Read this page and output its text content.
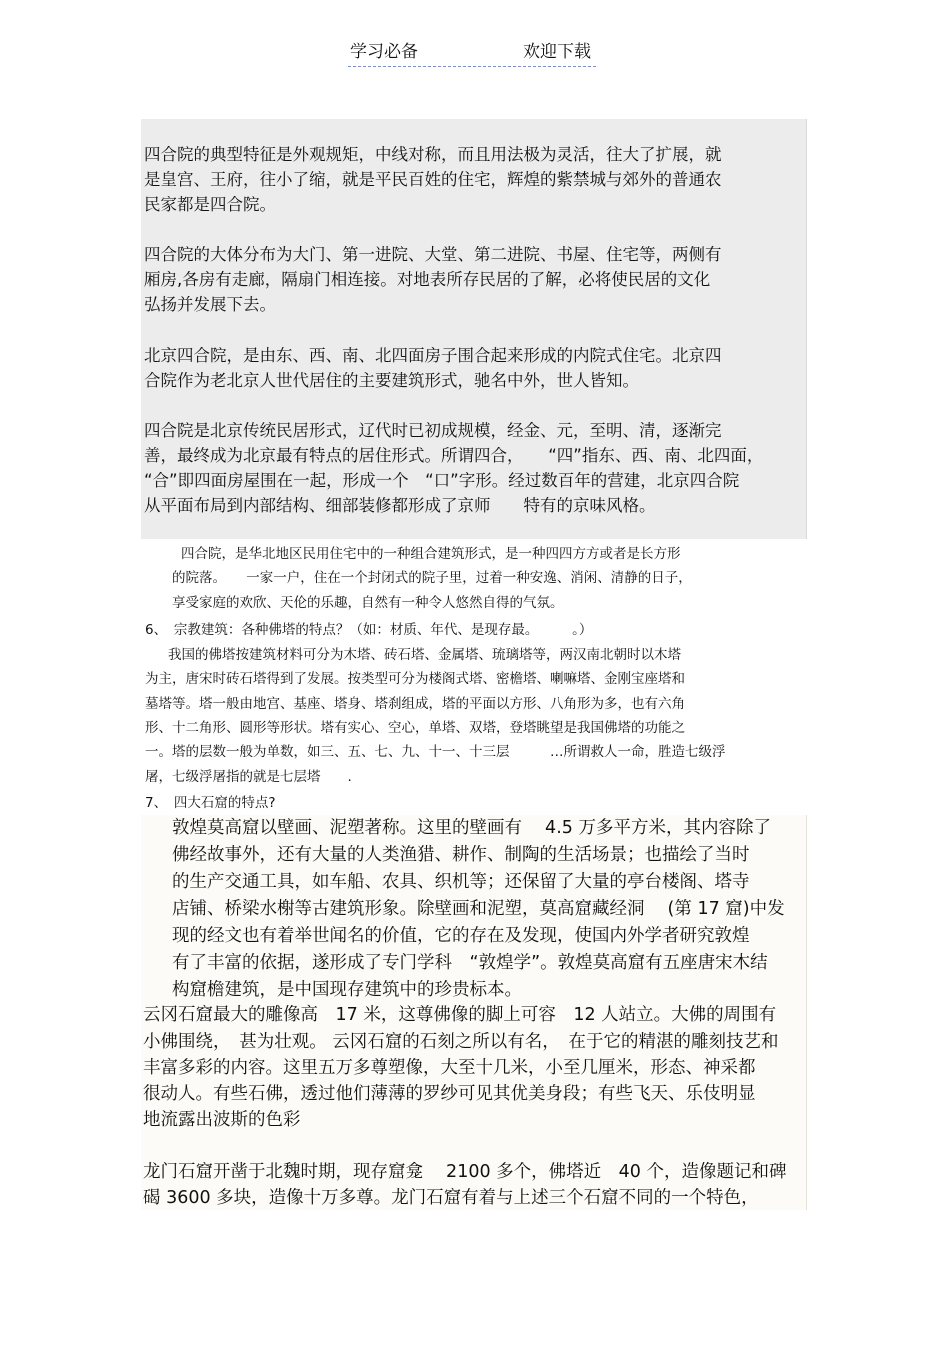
学习必备	欢迎下载
四合院的典型特征是外观规矩，中线对称，而且用法极为灵活，往大了扩展，就
是皇宫、王府，往小了缩，就是平民百姓的住宅，辉煌的紫禁城与郊外的普通农
民家都是四合院。
四合院的大体分布为大门、第一进院、大堂、第二进院、书屋、住宅等，两侧有
厢房,各房有走廊，隔扇门相连接。对地表所存民居的了解，必将使民居的文化
弘扬并发展下去。
北京四合院，是由东、西、南、北四面房子围合起来形成的内院式住宅。北京四
合院作为老北京人世代居住的主要建筑形式，驰名中外，世人皆知。
四合院是北京传统民居形式，辽代时已初成规模，经金、元，至明、清，逐渐完
善，最终成为北京最有特点的居住形式。所谓四合，　　“四”指东、西、南、北四面，
“合”即四面房屋围在一起，形成一个　“口”字形。经过数百年的营建，北京四合院
从平面布局到内部结构、细部装修都形成了京师　　特有的京味风格。
四合院，是华北地区民用住宅中的一种组合建筑形式，是一种四四方方或者是长方形
的院落。　　一家一户，住在一个封闭式的院子里，过着一种安逸、消闲、清静的日子，
享受家庭的欢欣、天伦的乐趣，自然有一种令人悠然自得的气氛。
6、　宗教建筑：各种佛塔的特点？（如：材质、年代、是现存最。　　　。）
我国的佛塔按建筑材料可分为木塔、砖石塔、金属塔、琉璃塔等，两汉南北朝时以木塔
为主，唐宋时砖石塔得到了发展。按类型可分为楼阁式塔、密檐塔、喇嘛塔、金刚宝座塔和
墓塔等。塔一般由地宫、基座、塔身、塔刹组成，塔的平面以方形、八角形为多，也有六角
形、十二角形、圆形等形状。塔有实心、空心，单塔、双塔，登塔眺望是我国佛塔的功能之
一。塔的层数一般为单数，如三、五、七、九、十一、十三层　　　…所谓救人一命，胜造七级浮
屠，七级浮屠指的就是七层塔　　.
7、　四大石窟的特点?
敦煌莫高窟以壁画、泥塑著称。这里的壁画有　 4.5 万多平方米，其内容除了
佛经故事外，还有大量的人类渔猎、耕作、制陶的生活场景；也描绘了当时
的生产交通工具，如车船、农具、织机等；还保留了大量的亭台楼阁、塔寺
店铺、桥梁水榭等古建筑形象。除壁画和泥塑，莫高窟藏经洞　 (第 17 窟)中发
现的经文也有着举世闻名的价值，它的存在及发现，使国内外学者研究敦煌
有了丰富的依据，遂形成了专门学科　“敦煌学”。敦煌莫高窟有五座唐宋木结
构窟檐建筑，是中国现存建筑中的珍贵标本。
云冈石窟最大的雕像高　17 米，这尊佛像的脚上可容　12 人站立。大佛的周围有
小佛围绕，　甚为壮观。 云冈石窟的石刻之所以有名，　在于它的精湛的雕刻技艺和
丰富多彩的内容。这里五万多尊塑像，大至十几米，小至几厘米，形态、神采都
很动人。有些石佛，透过他们薄薄的罗纱可见其优美身段；有些飞天、乐伎明显
地流露出波斯的色彩
龙门石窟开凿于北魏时期，现存窟龛　 2100 多个，佛塔近　40 个，造像题记和碑
碣 3600 多块，造像十万多尊。龙门石窟有着与上述三个石窟不同的一个特色，
